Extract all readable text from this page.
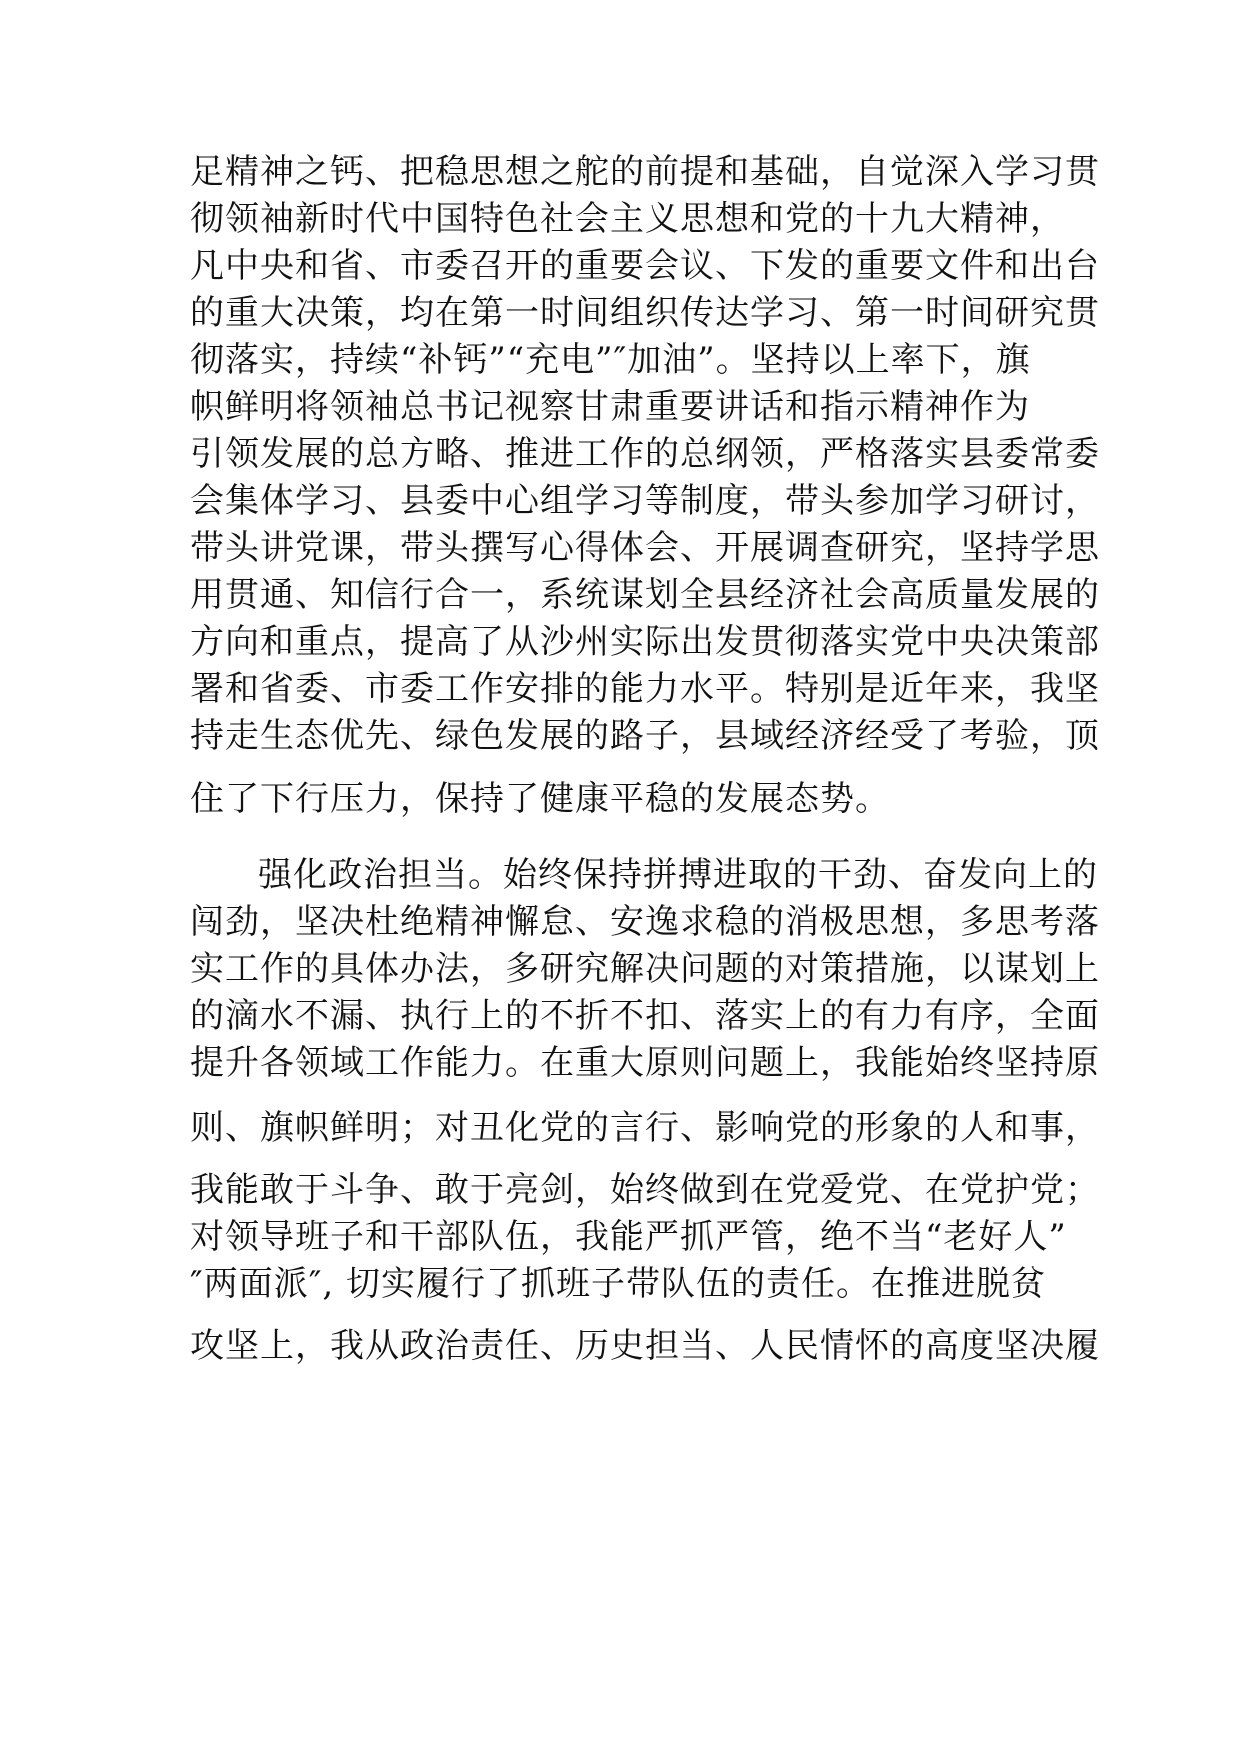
足精神之钙、把稳思想之舵的前提和基础，自觉深入学习贯
彻领袖新时代中国特色社会主义思想和党的十九大精神，
凡中央和省、市委召开的重要会议、下发的重要文件和出台
的重大决策，均在第一时间组织传达学习、第一时间研究贯
彻落实，持续“补钙”“充电”″加油”。坚持以上率下，旗
帜鲜明将领袖总书记视察甘肃重要讲话和指示精神作为
引领发展的总方略、推进工作的总纲领，严格落实县委常委
会集体学习、县委中心组学习等制度，带头参加学习研讨，
带头讲党课，带头撰写心得体会、开展调查研究，坚持学思
用贯通、知信行合一，系统谋划全县经济社会高质量发展的
方向和重点，提高了从沙州实际出发贯彻落实党中央决策部
署和省委、市委工作安排的能力水平。特别是近年来，我坚
持走生态优先、绿色发展的路子，县域经济经受了考验，顶
住了下行压力，保持了健康平稳的发展态势。
强化政治担当。始终保持拼搏进取的干劲、奋发向上的
闯劲，坚决杜绝精神懈怠、安逸求稳的消极思想，多思考落
实工作的具体办法，多研究解决问题的对策措施，以谋划上
的滴水不漏、执行上的不折不扣、落实上的有力有序，全面
提升各领域工作能力。在重大原则问题上，我能始终坚持原
则、旗帜鲜明；对丑化党的言行、影响党的形象的人和事，
我能敢于斗争、敢于亮剑，始终做到在党爱党、在党护党；
对领导班子和干部队伍，我能严抓严管，绝不当“老好人”
″两面派″, 切实履行了抓班子带队伍的责任。在推进脱贫
攻坚上，我从政治责任、历史担当、人民情怀的高度坚决履
